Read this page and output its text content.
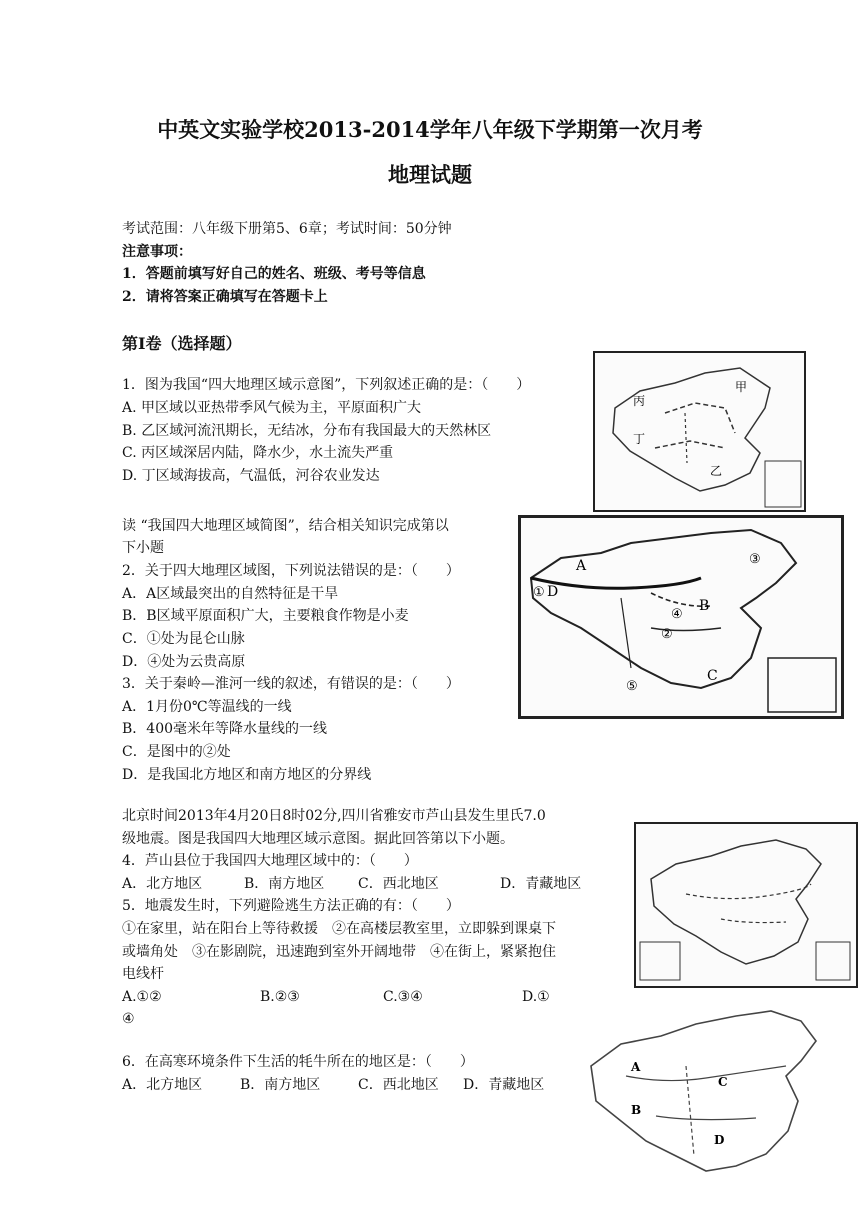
中英文实验学校2013-2014学年八年级下学期第一次月考
地理试题
考试范围：八年级下册第5、6章；考试时间：50分钟
注意事项：
1．答题前填写好自己的姓名、班级、考号等信息
2．请将答案正确填写在答题卡上
第Ⅰ卷（选择题）
1．图为我国“四大地理区域示意图”，下列叙述正确的是：（　　）
A. 甲区域以亚热带季风气候为主，平原面积广大
B. 乙区域河流汛期长，无结冰，分布有我国最大的天然林区
C. 丙区域深居内陆，降水少，水土流失严重
D. 丁区域海拔高，气温低，河谷农业发达
甲
乙
丙
丁
读 “我国四大地理区域简图”，结合相关知识完成第以
下小题
2．关于四大地理区域图，下列说法错误的是：（　　）
A．A区域最突出的自然特征是干旱
B．B区域平原面积广大，主要粮食作物是小麦
C．①处为昆仑山脉
D．④处为云贵高原
3．关于秦岭—淮河一线的叙述，有错误的是：（　　）
A．1月份0℃等温线的一线
B．400毫米年等降水量线的一线
C．是图中的②处
D．是我国北方地区和南方地区的分界线
A
B
C
D
①
②
③
④
⑤
北京时间2013年4月20日8时02分,四川省雅安市芦山县发生里氏7.0
级地震。图是我国四大地理区域示意图。据此回答第以下小题。
4．芦山县位于我国四大地理区域中的：（　　）
A．北方地区	B．南方地区 C．西北地区	D．青藏地区
5．地震发生时，下列避险逃生方法正确的有：（　　）
①在家里，站在阳台上等待救援　②在高楼层教室里，立即躲到课桌下
或墙角处　③在影剧院，迅速跑到室外开阔地带　④在街上，紧紧抱住
电线杆
A.①②	B.②③	C.③④	D.①
④
6．在高寒环境条件下生活的牦牛所在的地区是：（　　）
A．北方地区	B．南方地区	C．西北地区 D．青藏地区
A
B
C
D
